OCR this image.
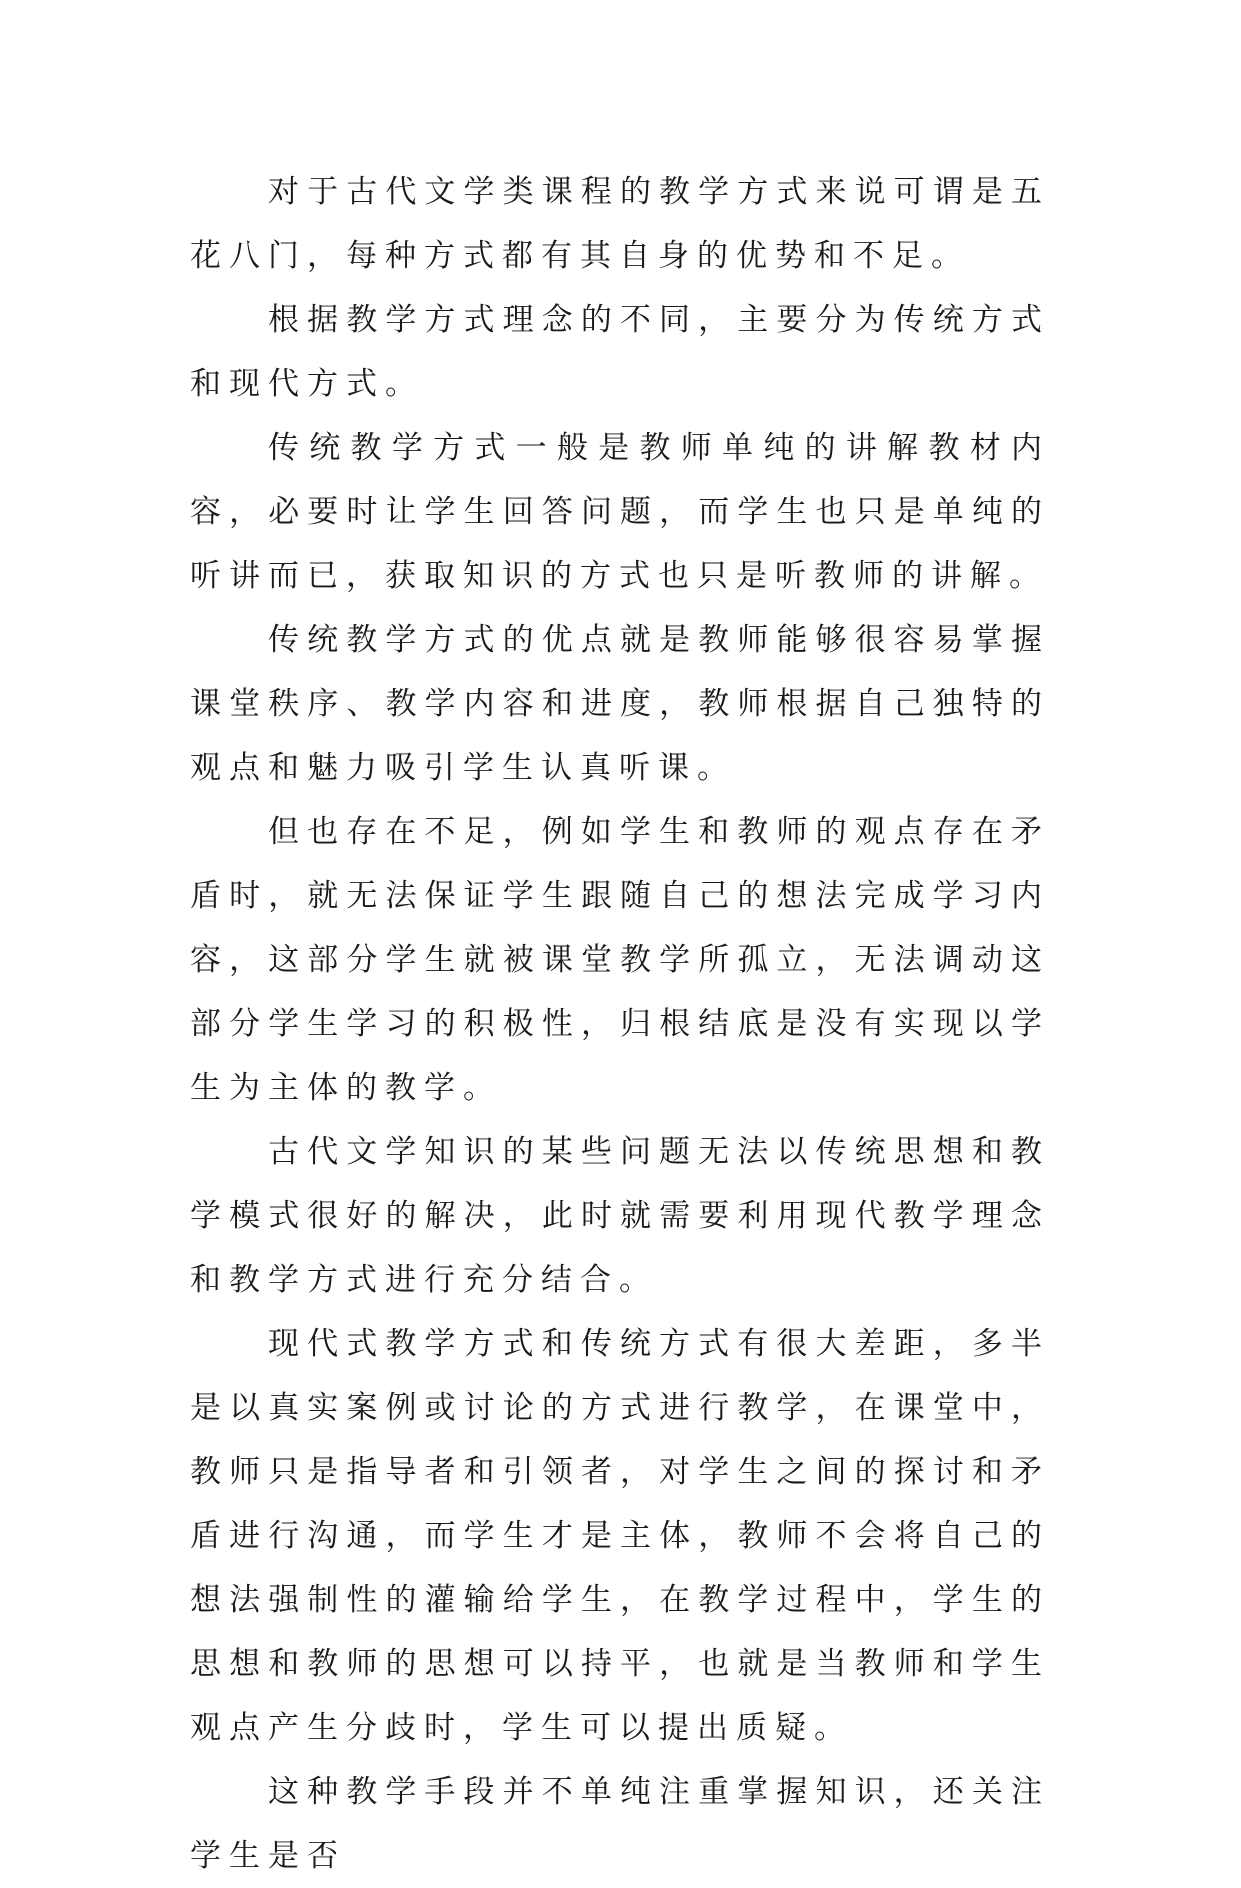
对于古代文学类课程的教学方式来说可谓是五花八门，每种方式都有其自身的优势和不足。

根据教学方式理念的不同，主要分为传统方式和现代方式。

传统教学方式一般是教师单纯的讲解教材内容，必要时让学生回答问题，而学生也只是单纯的听讲而已，获取知识的方式也只是听教师的讲解。

传统教学方式的优点就是教师能够很容易掌握课堂秩序、教学内容和进度，教师根据自己独特的观点和魅力吸引学生认真听课。

但也存在不足，例如学生和教师的观点存在矛盾时，就无法保证学生跟随自己的想法完成学习内容，这部分学生就被课堂教学所孤立，无法调动这部分学生学习的积极性，归根结底是没有实现以学生为主体的教学。

古代文学知识的某些问题无法以传统思想和教学模式很好的解决，此时就需要利用现代教学理念和教学方式进行充分结合。

现代式教学方式和传统方式有很大差距，多半是以真实案例或讨论的方式进行教学，在课堂中，教师只是指导者和引领者，对学生之间的探讨和矛盾进行沟通，而学生才是主体，教师不会将自己的想法强制性的灌输给学生，在教学过程中，学生的思想和教师的思想可以持平，也就是当教师和学生观点产生分歧时，学生可以提出质疑。

这种教学手段并不单纯注重掌握知识，还关注学生是否
